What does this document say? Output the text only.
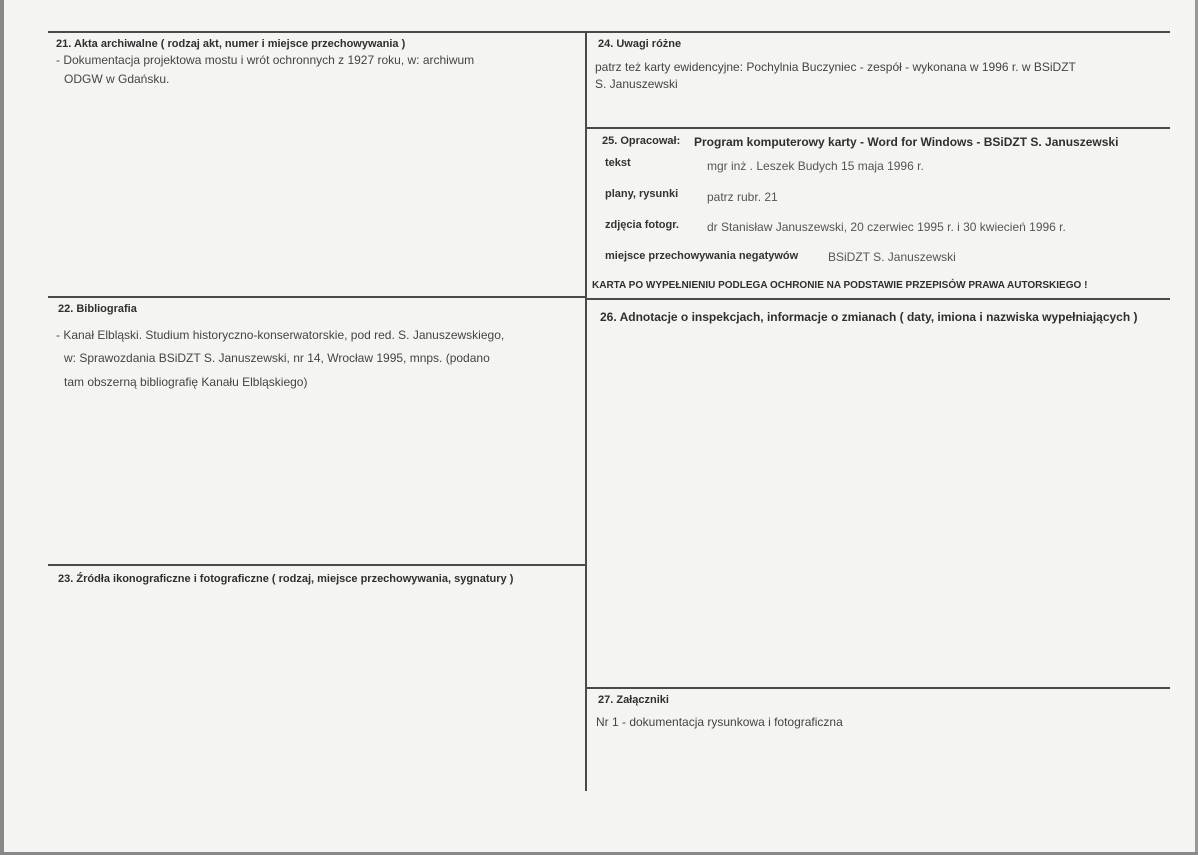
21. Akta archiwalne ( rodzaj akt, numer i miejsce przechowywania )
- Dokumentacja projektowa mostu i wrót ochronnych z 1927 roku, w: archiwum
ODGW w Gdańsku.
24. Uwagi różne
patrz też karty ewidencyjne: Pochylnia Buczyniec - zespół - wykonana w 1996 r. w BSiDZT
S. Januszewski
25. Opracował: Program komputerowy karty - Word for Windows - BSiDZT S. Januszewski
tekst	mgr inż . Leszek Budych 15 maja 1996 r.
plany, rysunki patrz rubr. 21
zdjęcia fotogr. dr Stanisław Januszewski, 20 czerwiec 1995 r. i 30 kwiecień 1996 r.
miejsce przechowywania negatywów BSiDZT S. Januszewski
KARTA PO WYPEŁNIENIU PODLEGA OCHRONIE NA PODSTAWIE PRZEPISÓW PRAWA AUTORSKIEGO !
22. Bibliografia
- Kanał Elbląski. Studium historyczno-konserwatorskie, pod red. S. Januszewskiego,
w: Sprawozdania BSiDZT S. Januszewski, nr 14, Wrocław 1995, mnps. (podano
tam obszerną bibliografię Kanału Elbląskiego)
26. Adnotacje o inspekcjach, informacje o zmianach ( daty, imiona i nazwiska wypełniających )
23. Źródła ikonograficzne i fotograficzne ( rodzaj, miejsce przechowywania, sygnatury )
27. Załączniki
Nr 1 - dokumentacja rysunkowa i fotograficzna
